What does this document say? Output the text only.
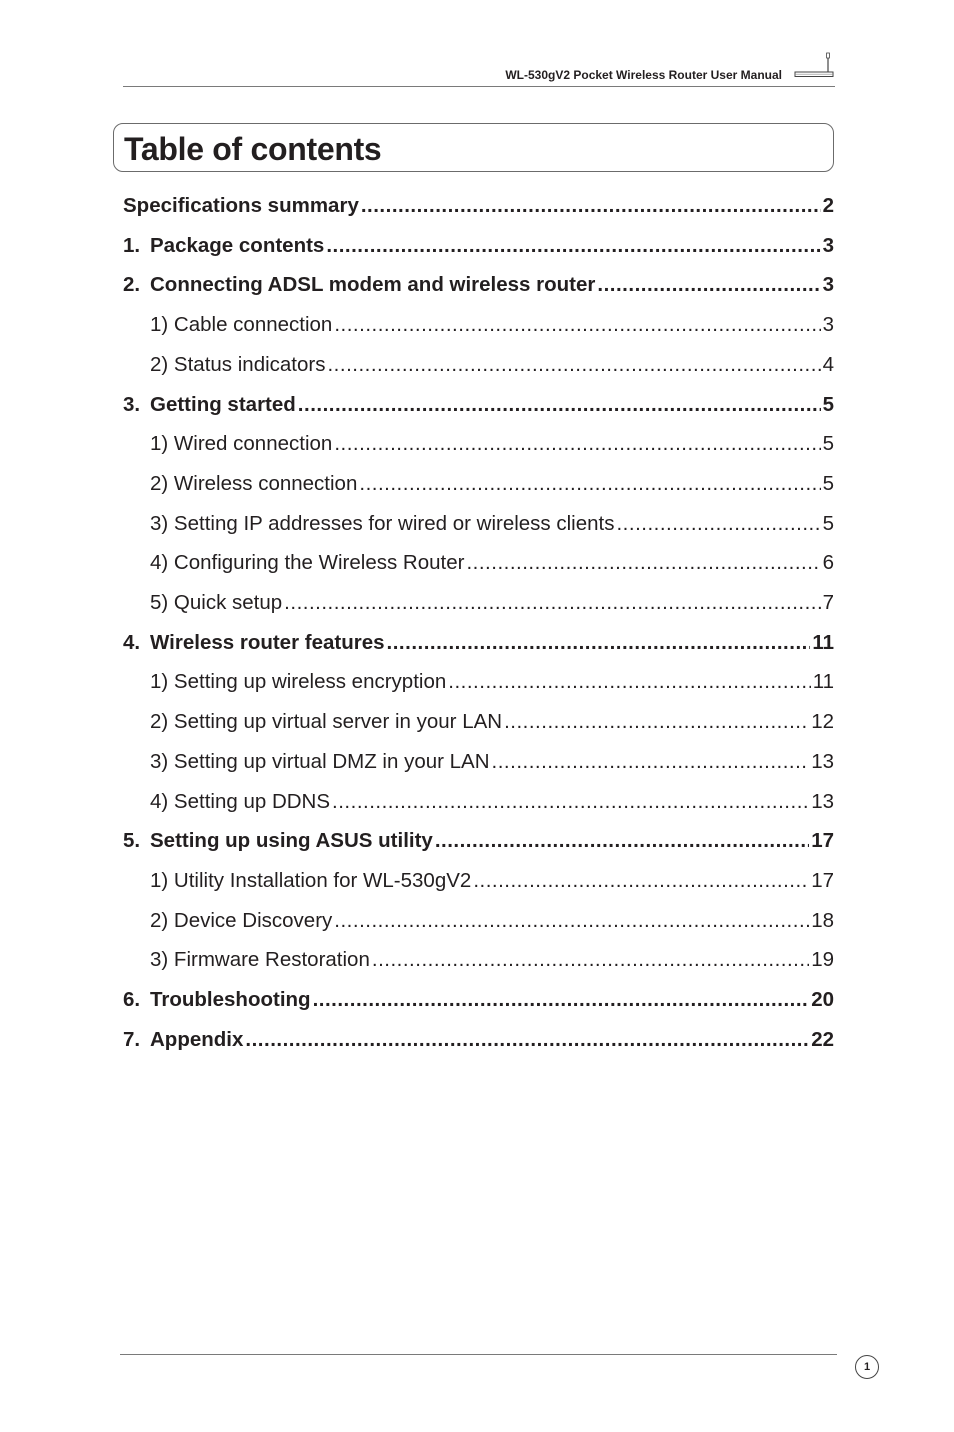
WL-530gV2 Pocket Wireless Router User Manual
Table of contents
Specifications summary .....	2
1. Package contents .....	3
2. Connecting ADSL modem and wireless router .....	3
1) Cable connection .....	3
2) Status indicators .....	4
3. Getting started .....	5
1) Wired connection .....	5
2) Wireless connection .....	5
3) Setting IP addresses for wired or wireless clients .....	5
4) Configuring the Wireless Router .....	6
5) Quick setup .....	7
4. Wireless router features .....	11
1) Setting up wireless encryption .....	11
2) Setting up virtual server in your LAN .....	12
3) Setting up virtual DMZ in your LAN .....	13
4) Setting up DDNS .....	13
5. Setting up using ASUS utility .....	17
1) Utility Installation for WL-530gV2 .....	17
2) Device Discovery .....	18
3) Firmware Restoration .....	19
6. Troubleshooting .....	20
7. Appendix .....	22
1
